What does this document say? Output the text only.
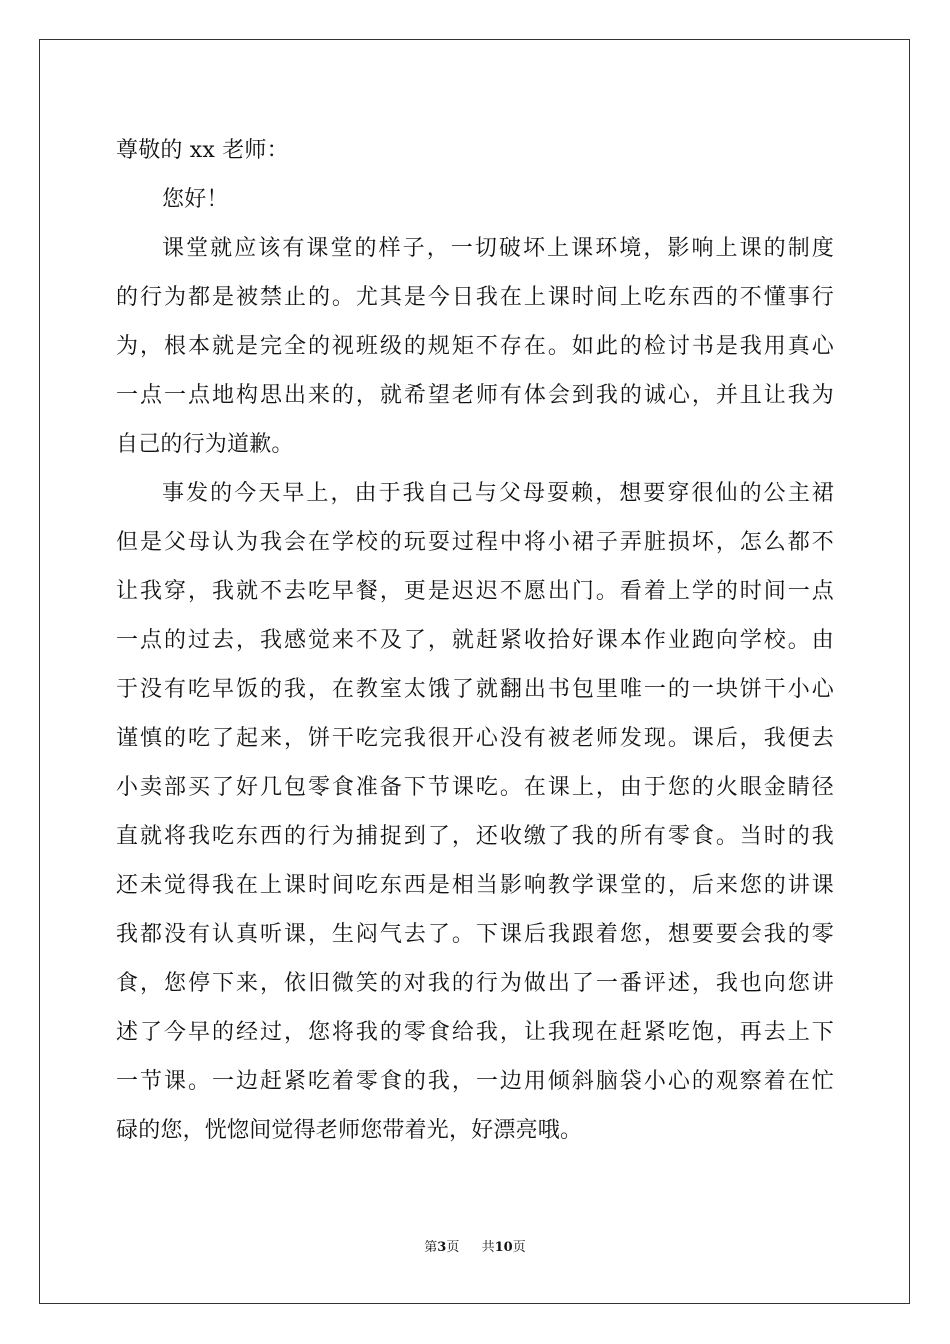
尊敬的 xx 老师：
您好！
课堂就应该有课堂的样子，一切破坏上课环境，影响上课的制度
的行为都是被禁止的。尤其是今日我在上课时间上吃东西的不懂事行
为，根本就是完全的视班级的规矩不存在。如此的检讨书是我用真心
一点一点地构思出来的，就希望老师有体会到我的诚心，并且让我为
自己的行为道歉。
事发的今天早上，由于我自己与父母耍赖，想要穿很仙的公主裙
但是父母认为我会在学校的玩耍过程中将小裙子弄脏损坏，怎么都不
让我穿，我就不去吃早餐，更是迟迟不愿出门。看着上学的时间一点
一点的过去，我感觉来不及了，就赶紧收拾好课本作业跑向学校。由
于没有吃早饭的我，在教室太饿了就翻出书包里唯一的一块饼干小心
谨慎的吃了起来，饼干吃完我很开心没有被老师发现。课后，我便去
小卖部买了好几包零食准备下节课吃。在课上，由于您的火眼金睛径
直就将我吃东西的行为捕捉到了，还收缴了我的所有零食。当时的我
还未觉得我在上课时间吃东西是相当影响教学课堂的，后来您的讲课
我都没有认真听课，生闷气去了。下课后我跟着您，想要要会我的零
食，您停下来，依旧微笑的对我的行为做出了一番评述，我也向您讲
述了今早的经过，您将我的零食给我，让我现在赶紧吃饱，再去上下
一节课。一边赶紧吃着零食的我，一边用倾斜脑袋小心的观察着在忙
碌的您，恍惚间觉得老师您带着光，好漂亮哦。
第3页 共10页
